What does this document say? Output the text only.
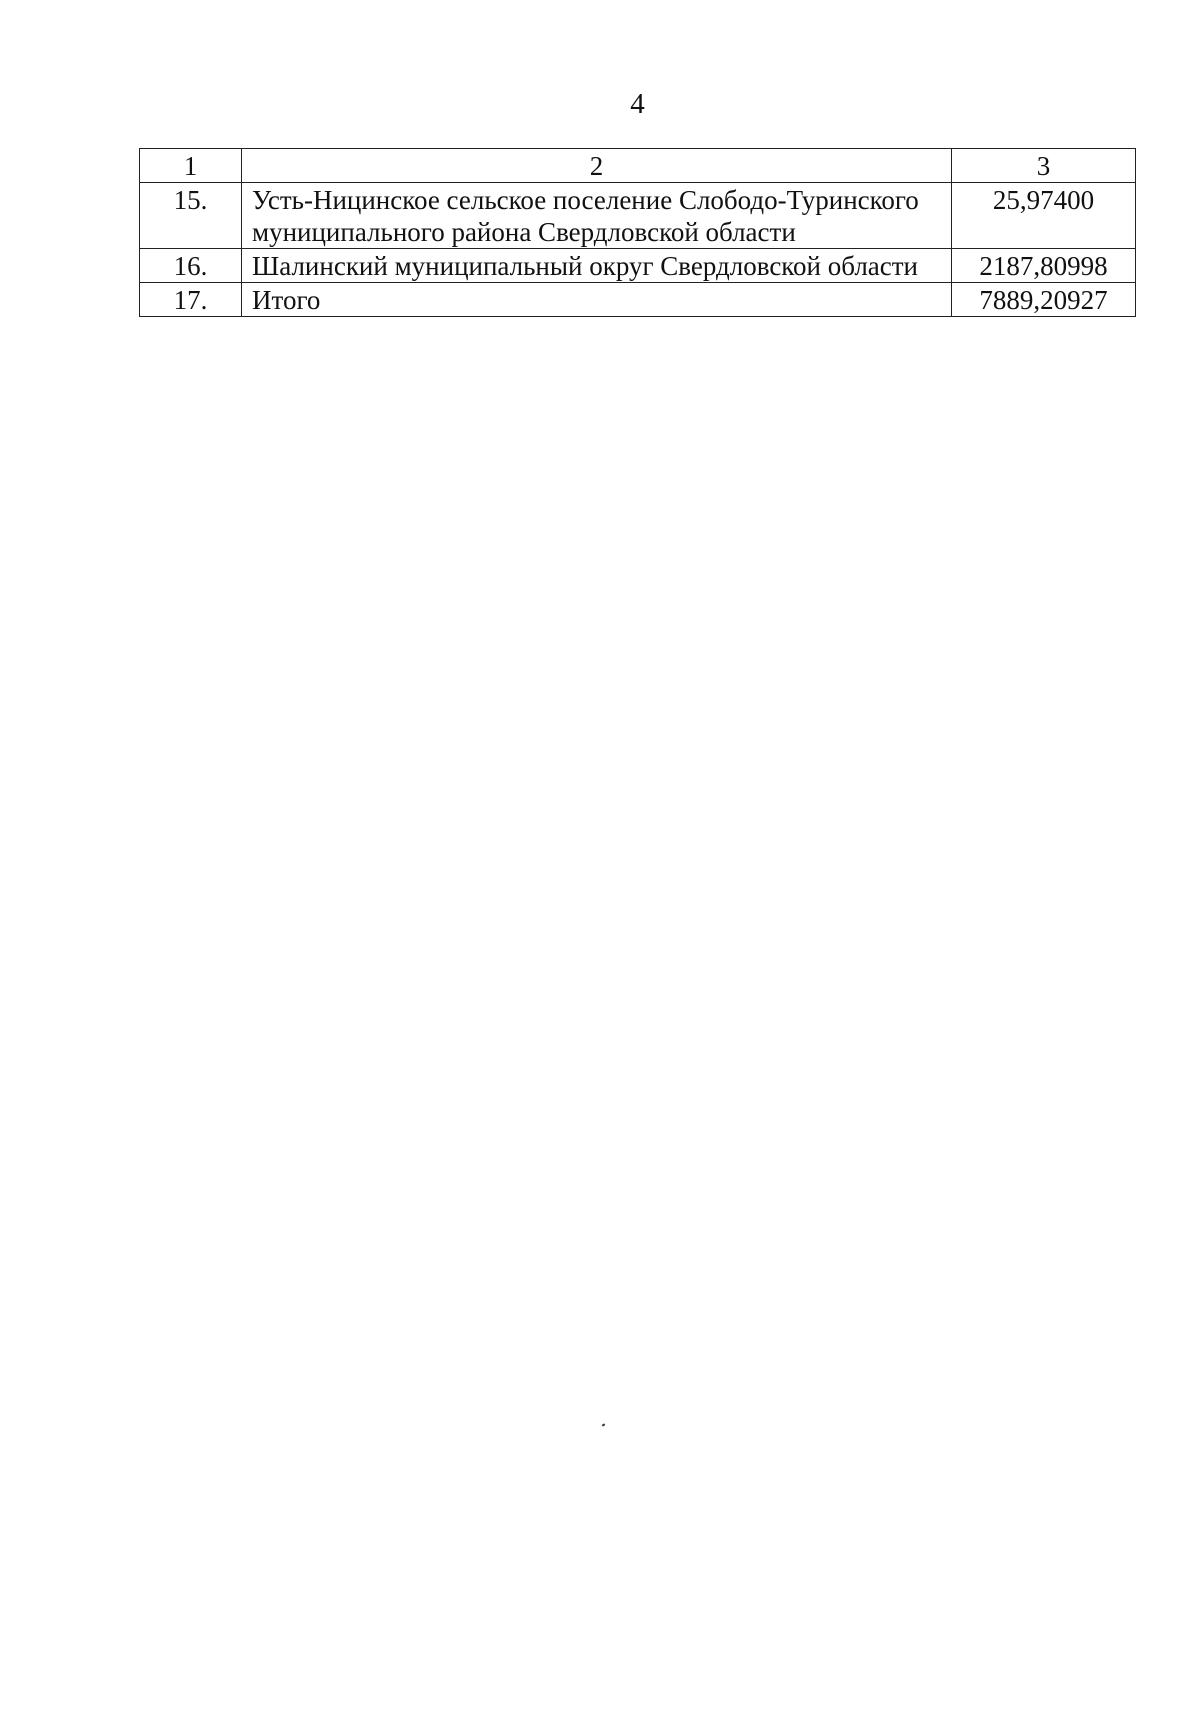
4
1	2	3
15.	Усть-Ницинское сельское поселение Слободо-Туринского муниципального района Свердловской области	25,97400
16.	Шалинский муниципальный округ Свердловской области	2187,80998
17.	Итого	7889,20927
